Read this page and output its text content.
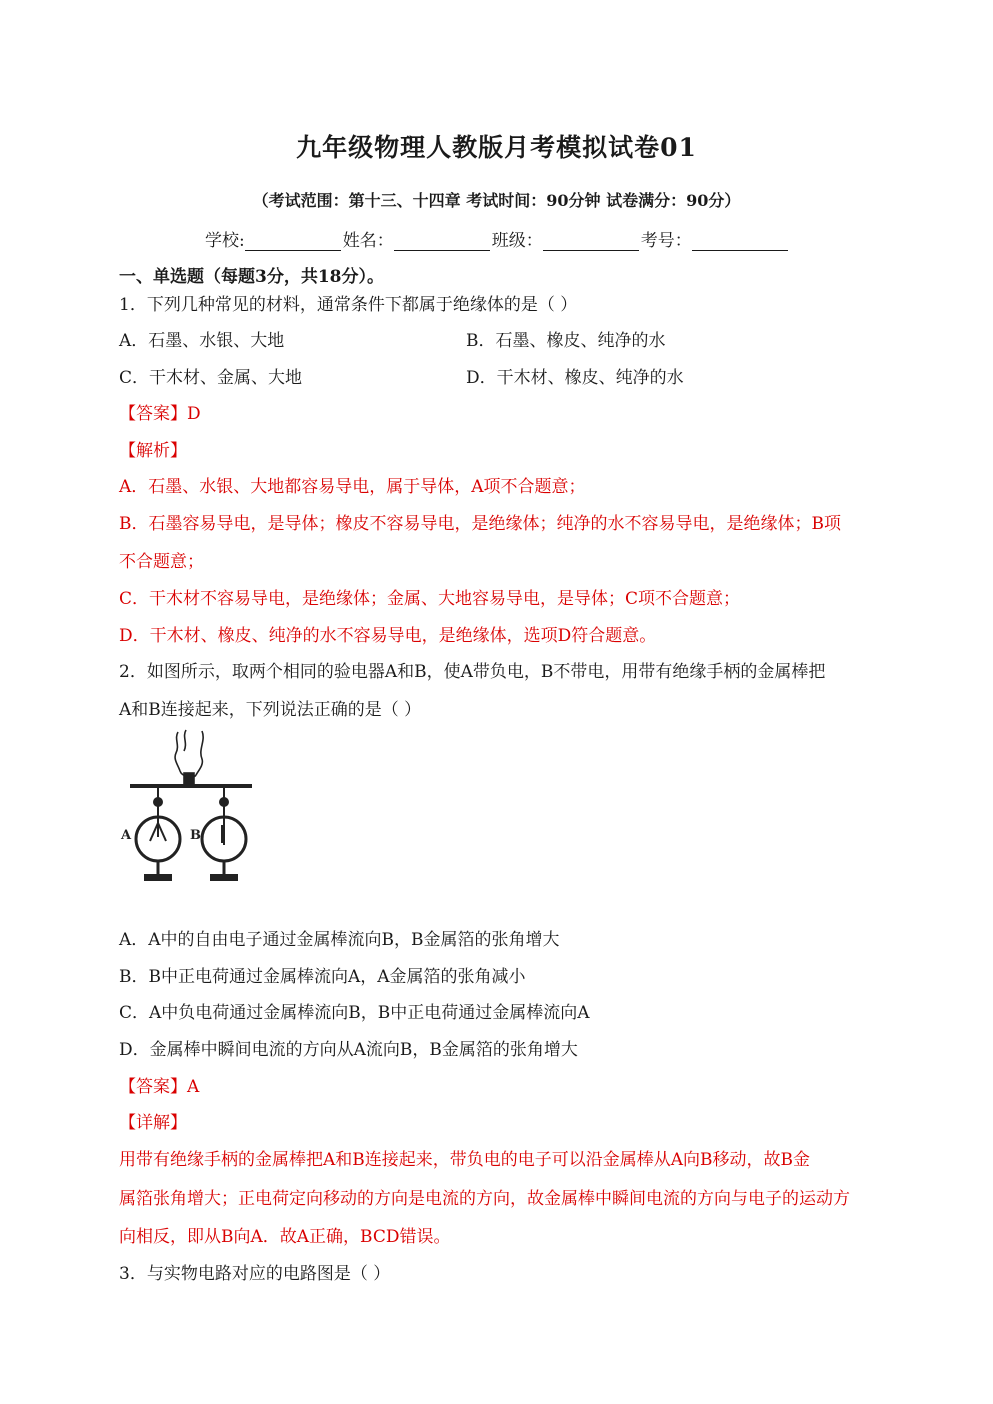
九年级物理人教版月考模拟试卷01
（考试范围：第十三、十四章 考试时间：90分钟 试卷满分：90分）
学校:	姓名：	班级：	考号：
一、单选题（每题3分，共18分）。
1．下列几种常见的材料，通常条件下都属于绝缘体的是（ ）
A．石墨、水银、大地	B．石墨、橡皮、纯净的水
C．干木材、金属、大地	D．干木材、橡皮、纯净的水
【答案】D
【解析】
A．石墨、水银、大地都容易导电，属于导体，A项不合题意；
B．石墨容易导电，是导体；橡皮不容易导电，是绝缘体；纯净的水不容易导电，是绝缘体；B项
不合题意；
C．干木材不容易导电，是绝缘体；金属、大地容易导电，是导体；C项不合题意；
D．干木材、橡皮、纯净的水不容易导电，是绝缘体，选项D符合题意。
2．如图所示，取两个相同的验电器A和B，使A带负电，B不带电，用带有绝缘手柄的金属棒把
A和B连接起来，下列说法正确的是（ ）
A	B
A．A中的自由电子通过金属棒流向B，B金属箔的张角增大
B．B中正电荷通过金属棒流向A，A金属箔的张角减小
C．A中负电荷通过金属棒流向B，B中正电荷通过金属棒流向A
D．金属棒中瞬间电流的方向从A流向B，B金属箔的张角增大
【答案】A
【详解】
用带有绝缘手柄的金属棒把A和B连接起来，带负电的电子可以沿金属棒从A向B移动，故B金
属箔张角增大；正电荷定向移动的方向是电流的方向，故金属棒中瞬间电流的方向与电子的运动方
向相反，即从B向A．故A正确，BCD错误。
3．与实物电路对应的电路图是（ ）
